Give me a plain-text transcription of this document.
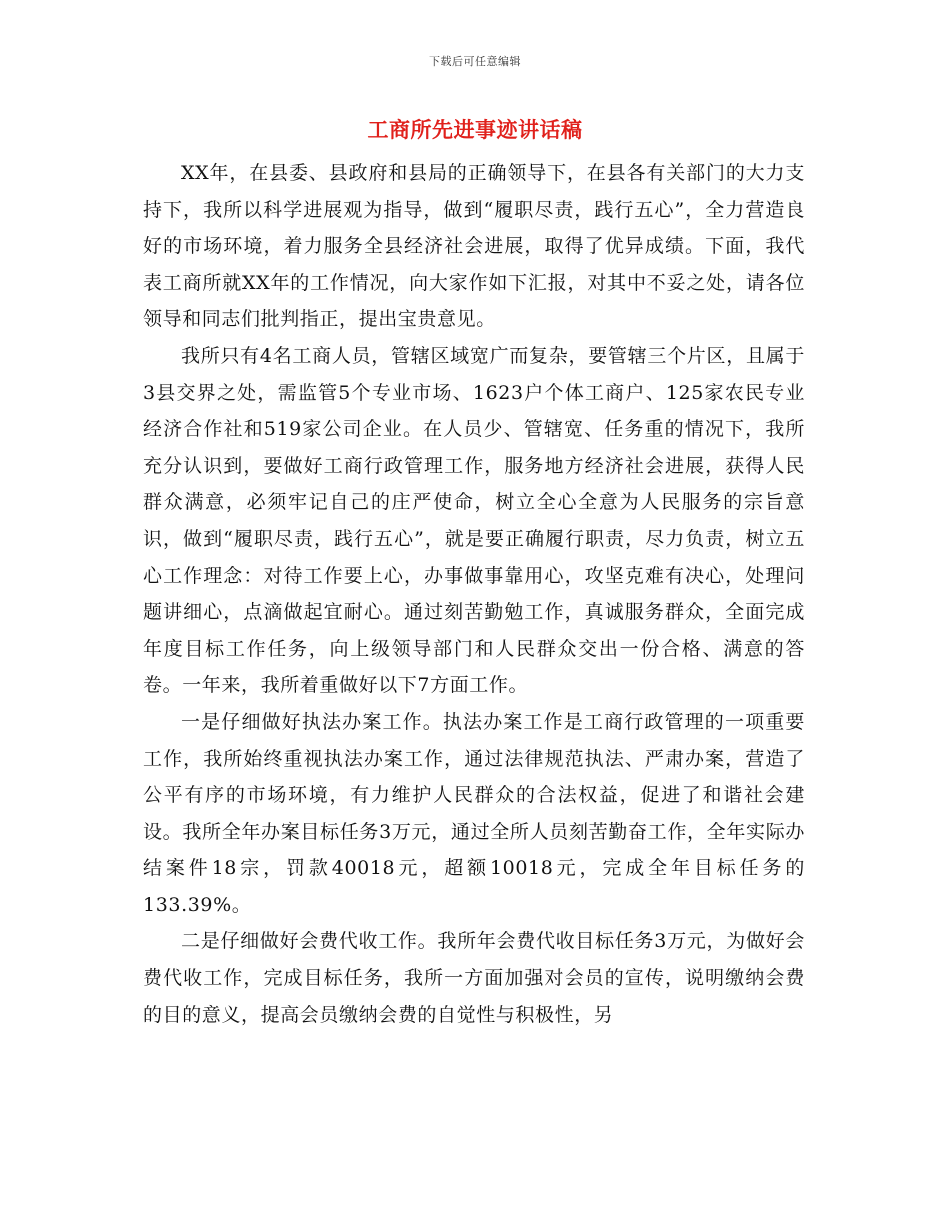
下载后可任意编辑
工商所先进事迹讲话稿

XX年，在县委、县政府和县局的正确领导下，在县各有关部门的大力支持下，我所以科学进展观为指导，做到“履职尽责，践行五心”，全力营造良好的市场环境，着力服务全县经济社会进展，取得了优异成绩。下面，我代表工商所就XX年的工作情况，向大家作如下汇报，对其中不妥之处，请各位领导和同志们批判指正，提出宝贵意见。

我所只有4名工商人员，管辖区域宽广而复杂，要管辖三个片区，且属于3县交界之处，需监管5个专业市场、1623户个体工商户、125家农民专业经济合作社和519家公司企业。在人员少、管辖宽、任务重的情况下，我所充分认识到，要做好工商行政管理工作，服务地方经济社会进展，获得人民群众满意，必须牢记自己的庄严使命，树立全心全意为人民服务的宗旨意识，做到“履职尽责，践行五心”，就是要正确履行职责，尽力负责，树立五心工作理念：对待工作要上心，办事做事靠用心，攻坚克难有决心，处理问题讲细心，点滴做起宜耐心。通过刻苦勤勉工作，真诚服务群众，全面完成年度目标工作任务，向上级领导部门和人民群众交出一份合格、满意的答卷。一年来，我所着重做好以下7方面工作。

一是仔细做好执法办案工作。执法办案工作是工商行政管理的一项重要工作，我所始终重视执法办案工作，通过法律规范执法、严肃办案，营造了公平有序的市场环境，有力维护人民群众的合法权益，促进了和谐社会建设。我所全年办案目标任务3万元，通过全所人员刻苦勤奋工作，全年实际办结案件18宗，罚款40018元，超额10018元，完成全年目标任务的133.39%。

二是仔细做好会费代收工作。我所年会费代收目标任务3万元，为做好会费代收工作，完成目标任务，我所一方面加强对会员的宣传，说明缴纳会费的目的意义，提高会员缴纳会费的自觉性与积极性，另
